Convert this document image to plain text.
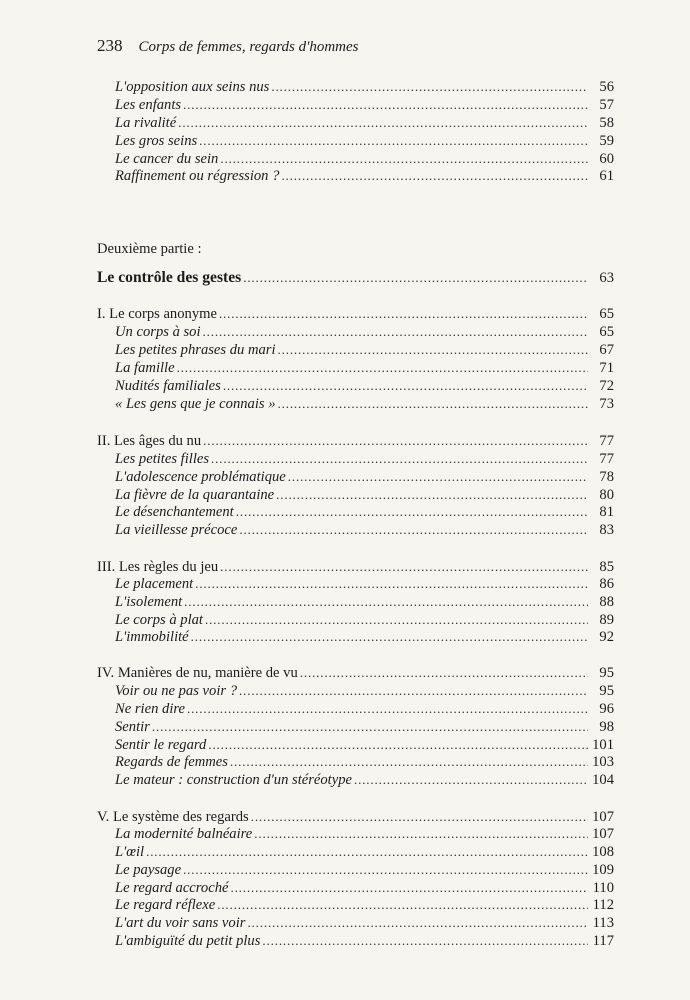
238 Corps de femmes, regards d'hommes
L'opposition aux seins nus . . .	56
Les enfants . . .	57
La rivalité . . .	58
Les gros seins . . .	59
Le cancer du sein . . .	60
Raffinement ou régression ? . . .	61
Deuxième partie :
Le contrôle des gestes . . .	63
I. Le corps anonyme . . .	65
Un corps à soi . . .	65
Les petites phrases du mari . . .	67
La famille . . .	71
Nudités familiales . . .	72
« Les gens que je connais » . . .	73
II. Les âges du nu . . .	77
Les petites filles . . .	77
L'adolescence problématique . . .	78
La fièvre de la quarantaine . . .	80
Le désenchantement . . .	81
La vieillesse précoce . . .	83
III. Les règles du jeu . . .	85
Le placement . . .	86
L'isolement . . .	88
Le corps à plat . . .	89
L'immobilité . . .	92
IV. Manières de nu, manière de vu . . .	95
Voir ou ne pas voir ? . . .	95
Ne rien dire . . .	96
Sentir . . .	98
Sentir le regard . . .	101
Regards de femmes . . .	103
Le mateur : construction d'un stéréotype . . .	104
V. Le système des regards . . .	107
La modernité balnéaire . . .	107
L'œil . . .	108
Le paysage . . .	109
Le regard accroché . . .	110
Le regard réflexe . . .	112
L'art du voir sans voir . . .	113
L'ambiguïté du petit plus . . .	117
